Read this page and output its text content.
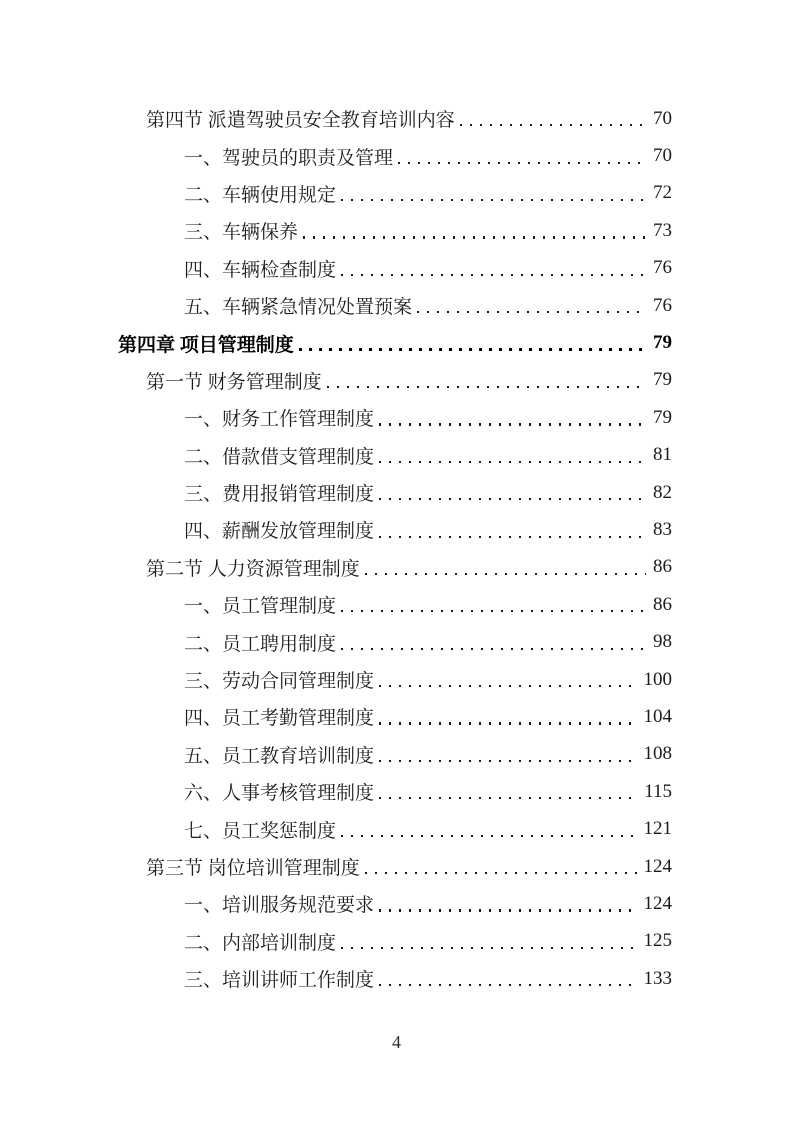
第四节 派遣驾驶员安全教育培训内容	70
一、驾驶员的职责及管理	70
二、车辆使用规定	72
三、车辆保养	73
四、车辆检查制度	76
五、车辆紧急情况处置预案	76
第四章 项目管理制度	79
第一节 财务管理制度	79
一、财务工作管理制度	79
二、借款借支管理制度	81
三、费用报销管理制度	82
四、薪酬发放管理制度	83
第二节 人力资源管理制度	86
一、员工管理制度	86
二、员工聘用制度	98
三、劳动合同管理制度	100
四、员工考勤管理制度	104
五、员工教育培训制度	108
六、人事考核管理制度	115
七、员工奖惩制度	121
第三节 岗位培训管理制度	124
一、培训服务规范要求	124
二、内部培训制度	125
三、培训讲师工作制度	133
4
